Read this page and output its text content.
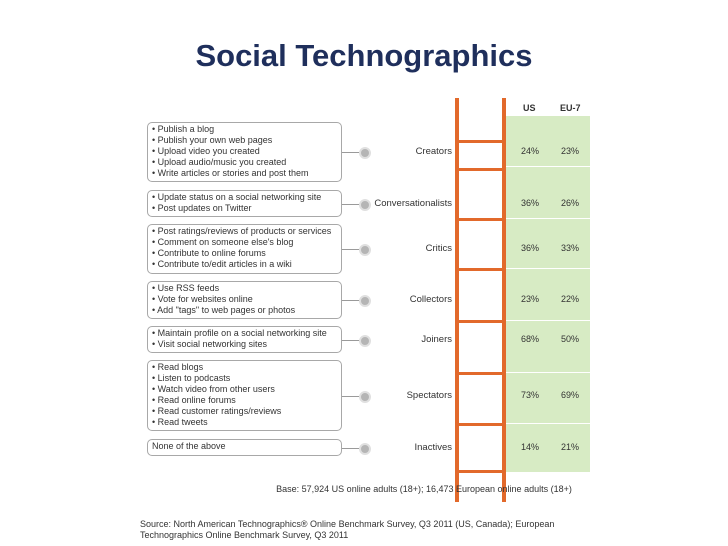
Social Technographics
US	EU-7
• Publish a blog
• Publish your own web pages
• Upload video you created
• Upload audio/music you created
• Write articles or stories and post them
Creators	24% 23%
• Update status on a social networking site
• Post updates on Twitter	Conversationalists	36% 26%
• Post ratings/reviews of products or services
• Comment on someone else's blog
• Contribute to online forums
• Contribute to/edit articles in a wiki
Critics	36% 33%
• Use RSS feeds
• Vote for websites online
• Add "tags" to web pages or photos
Collectors	23% 22%
• Maintain profile on a social networking site
• Visit social networking sites	Joiners	68% 50%
• Read blogs
• Listen to podcasts
• Watch video from other users
• Read online forums
• Read customer ratings/reviews
• Read tweets
Spectators	73% 69%
None of the above	Inactives	14% 21%
Base: 57,924 US online adults (18+); 16,473 European online adults (18+)
Source: North American Technographics® Online Benchmark Survey, Q3 2011 (US, Canada); European Technographics Online Benchmark Survey, Q3 2011
